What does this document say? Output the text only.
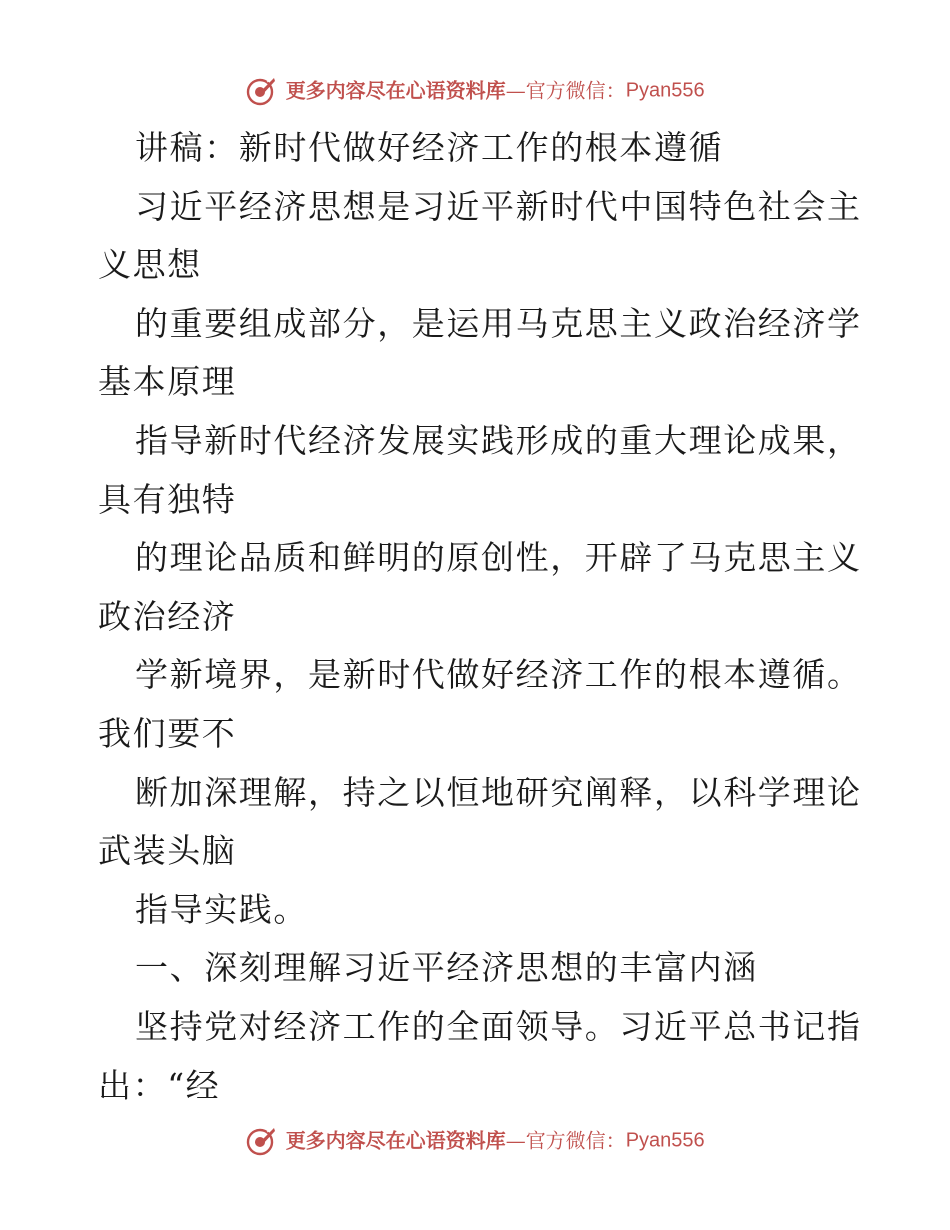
更多内容尽在心语资料库—官方微信：Pyan556
讲稿：新时代做好经济工作的根本遵循
习近平经济思想是习近平新时代中国特色社会主
义思想
的重要组成部分，是运用马克思主义政治经济学
基本原理
指导新时代经济发展实践形成的重大理论成果，
具有独特
的理论品质和鲜明的原创性，开辟了马克思主义
政治经济
学新境界，是新时代做好经济工作的根本遵循。
我们要不
断加深理解，持之以恒地研究阐释，以科学理论
武装头脑
指导实践。
一、深刻理解习近平经济思想的丰富内涵
坚持党对经济工作的全面领导。习近平总书记指
出：“经
更多内容尽在心语资料库—官方微信：Pyan556
